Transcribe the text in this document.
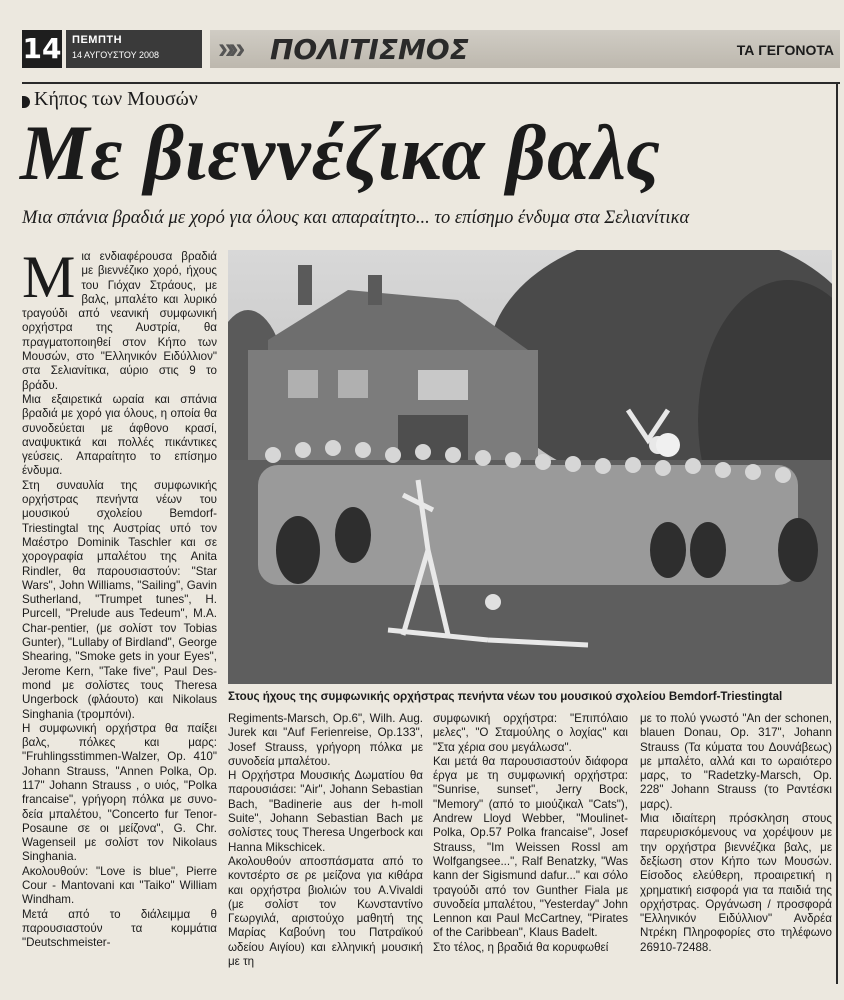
14 ΠΕΜΠΤΗ
14 ΑΥΓΟΥΣΤΟΥ 2008 »» ΠΟΛΙΤΙΣΜΟΣ	ΤΑ ΓΕΓΟΝΟΤΑ
Κήπος των Μουσών
Με βιεννέζικα βαλς
Μια σπάνια βραδιά με χορό για όλους και απαραίτητο... το επίσημο ένδυμα στα Σελιανίτικα

Μια ενδιαφέρουσα βραδιά με βιεννέζικο χορό, ήχους του Γιόχαν Στράους, με βαλς, μπαλέτο και λυρικό τραγούδι από νεανική συμφωνική ορχήστρα της Αυστρία, θα πραγματοποιηθεί στον Κήπο των Μουσών, στο "Ελληνικόν Ειδύλλιον" στα Σελιανίτικα, αύριο στις 9 το βράδυ.

Μια εξαιρετικά ωραία και σπάνια βραδιά με χορό για όλους, η οποία θα συνοδεύεται με άφθονο κρασί, αναψυκτικά και πολλές πικάντικες γεύσεις. Απαραίτητο το επίσημο ένδυμα.

Στη συναυλία της συμφωνικής ορχήστρας πενήντα νέων του μουσικού σχολείου Bemdorf-Triestingtal της Αυστρίας υπό τον Μαέστρο Dominik Taschler και σε χορογραφία μπαλέτου της Anita Rindler, θα παρουσιαστούν: "Star Wars", John Williams, "Sailing", Gavin Sutherland, "Trumpet tunes", H. Purcell, "Prelude aus Tedeum", M.A. Char-pentier, (με σολίστ τον Tobias Gunter), "Lullaby of Birdland", George Shearing, "Smoke gets in your Eyes", Jerome Kern, "Take five", Paul Des-mond με σολίστες τους Theresa Ungerbock (φλάουτο) και Nikolaus Singhania (τρομπόνι).

Η συμφωνική ορχήστρα θα παίξει βαλς, πόλκες και μαρς: "Fruhlingsstimmen-Walzer, Op. 410" Johann Strauss, "Annen Polka, Op. 117" Johann Strauss , ο υιός, "Polka francaise", γρήγορη πόλκα με συνο-δεία μπαλέτου, "Concerto fur Tenor-Posaune σε οι μείζονα", G. Chr. Wagenseil με σολίστ τον Nikolaus Singhania.

Ακολουθούν: "Love is blue", Pierre Cour - Mantovani και "Taiko" William Windham.

Μετά από το διάλειμμα θ παρουσιαστούν τα κομμάτια "Deutschmeister-

Στους ήχους της συμφωνικής ορχήστρας πενήντα νέων του μουσικού σχολείου Bemdorf-Triestingtal

Regiments-Marsch, Op.6", Wilh. Aug. Jurek και "Auf Ferienreise, Op.133", Josef Strauss, γρήγορη πόλκα με συνοδεία μπαλέτου.

Η Ορχήστρα Μουσικής Δωματίου θα παρουσιάσει: "Air", Johann Sebastian Bach, "Badinerie aus der h-moll Suite", Johann Sebastian Bach με σολίστες τους Theresa Ungerbock και Hanna Mikschicek.

Ακολουθούν αποσπάσματα από το κοντσέρτο σε ρε μείζονα για κιθάρα και ορχήστρα βιολιών του A.Vivaldi (με σολίστ τον Κωνσταντίνο Γεωργιλά, αριστούχο μαθητή της Μαρίας Καβούνη του Πατραϊκού ωδείου Αιγίου) και ελληνική μουσική με τη

συμφωνική ορχήστρα: "Επιπόλαιο μελες", "Ο Σταμούλης ο λοχίας" και "Στα χέρια σου μεγάλωσα".

Και μετά θα παρουσιαστούν διάφορα έργα με τη συμφωνική ορχήστρα: "Sunrise, sunset", Jerry Bock, "Memory" (από το μιούζικαλ "Cats"), Andrew Lloyd Webber, "Moulinet-Polka, Op.57 Polka francaise", Josef Strauss, "Im Weissen Rossl am Wolfgangsee...", Ralf Benatzky, "Was kann der Sigismund dafur..." και σόλο τραγούδι από τον Gunther Fiala με συνοδεία μπαλέτου, "Yesterday" John Lennon και Paul McCartney, "Pirates of the Caribbean", Klaus Badelt.

Στο τέλος, η βραδιά θα κορυφωθεί

με το πολύ γνωστό "An der schonen, blauen Donau, Op. 317", Johann Strauss (Τα κύματα του Δουνάβεως) με μπαλέτο, αλλά και το ωραιότερο μαρς, το "Radetzky-Marsch, Op. 228" Johann Strauss (το Ραντέσκι μαρς).

Μια ιδιαίτερη πρόσκληση στους παρευρισκόμενους να χορέψουν με την ορχήστρα βιεννέζικα βαλς, με δεξίωση στον Κήπο των Μουσών. Είσοδος ελεύθερη, προαιρετική η χρηματική εισφορά για τα παιδιά της ορχήστρας. Οργάνωση / προσφορά "Ελληνικόν Ειδύλλιον" Ανδρέα Ντρέκη Πληροφορίες στο τηλέφωνο 26910-72488.
